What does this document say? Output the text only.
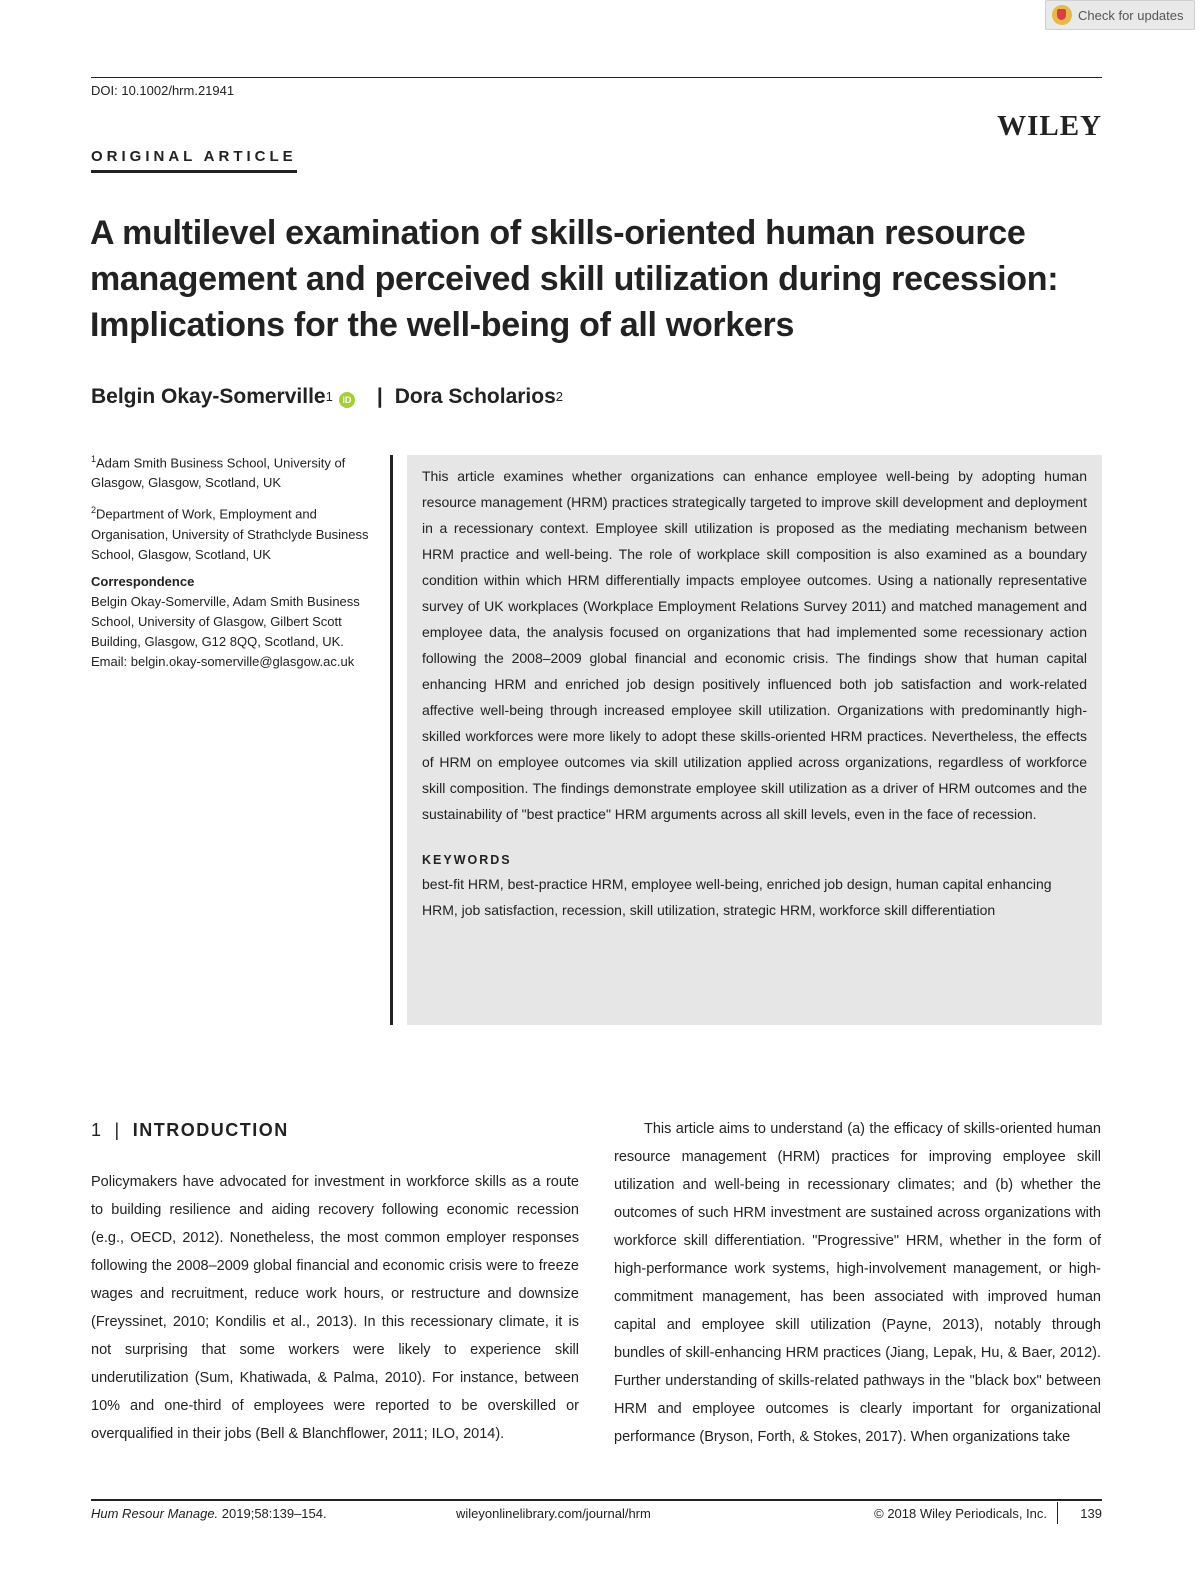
Check for updates
DOI: 10.1002/hrm.21941
WILEY
ORIGINAL ARTICLE
A multilevel examination of skills-oriented human resource management and perceived skill utilization during recession: Implications for the well-being of all workers
Belgin Okay-Somerville$^1$	iD | Dora Scholarios$^2$

$^1$Adam Smith Business School, University of Glasgow, Glasgow, Scotland, UK

$^2$Department of Work, Employment and Organisation, University of Strathclyde Business School, Glasgow, Scotland, UK

Correspondence

Belgin Okay-Somerville, Adam Smith Business School, University of Glasgow, Gilbert Scott Building, Glasgow, G12 8QQ, Scotland, UK.

Email: belgin.okay-somerville@glasgow.ac.uk

This article examines whether organizations can enhance employee well-being by adopting human resource management (HRM) practices strategically targeted to improve skill development and deployment in a recessionary context. Employee skill utilization is proposed as the mediating mechanism between HRM practice and well-being. The role of workplace skill composition is also examined as a boundary condition within which HRM differentially impacts employee outcomes. Using a nationally representative survey of UK workplaces (Workplace Employment Relations Survey 2011) and matched management and employee data, the analysis focused on organizations that had implemented some recessionary action following the 2008–2009 global financial and economic crisis. The findings show that human capital enhancing HRM and enriched job design positively influenced both job satisfaction and work-related affective well-being through increased employee skill utilization. Organizations with predominantly high-skilled workforces were more likely to adopt these skills-oriented HRM practices. Nevertheless, the effects of HRM on employee outcomes via skill utilization applied across organizations, regardless of workforce skill composition. The findings demonstrate employee skill utilization as a driver of HRM outcomes and the sustainability of "best practice" HRM arguments across all skill levels, even in the face of recession.
KEYWORDS
best-fit HRM, best-practice HRM, employee well-being, enriched job design, human capital enhancing HRM, job satisfaction, recession, skill utilization, strategic HRM, workforce skill differentiation
1 | INTRODUCTION

Policymakers have advocated for investment in workforce skills as a route to building resilience and aiding recovery following economic recession (e.g., OECD, 2012). Nonetheless, the most common employer responses following the 2008–2009 global financial and economic crisis were to freeze wages and recruitment, reduce work hours, or restructure and downsize (Freyssinet, 2010; Kondilis et al., 2013). In this recessionary climate, it is not surprising that some workers were likely to experience skill underutilization (Sum, Khatiwada, & Palma, 2010). For instance, between 10% and one-third of employees were reported to be overskilled or overqualified in their jobs (Bell & Blanchflower, 2011; ILO, 2014).

This article aims to understand (a) the efficacy of skills-oriented human resource management (HRM) practices for improving employee skill utilization and well-being in recessionary climates; and (b) whether the outcomes of such HRM investment are sustained across organizations with workforce skill differentiation. "Progressive" HRM, whether in the form of high-performance work systems, high-involvement management, or high-commitment management, has been associated with improved human capital and employee skill utilization (Payne, 2013), notably through bundles of skill-enhancing HRM practices (Jiang, Lepak, Hu, & Baer, 2012). Further understanding of skills-related pathways in the "black box" between HRM and employee outcomes is clearly important for organizational performance (Bryson, Forth, & Stokes, 2017). When organizations take

Hum Resour Manage. 2019;58:139–154.	wileyonlinelibrary.com/journal/hrm	© 2018 Wiley Periodicals, Inc.	139
